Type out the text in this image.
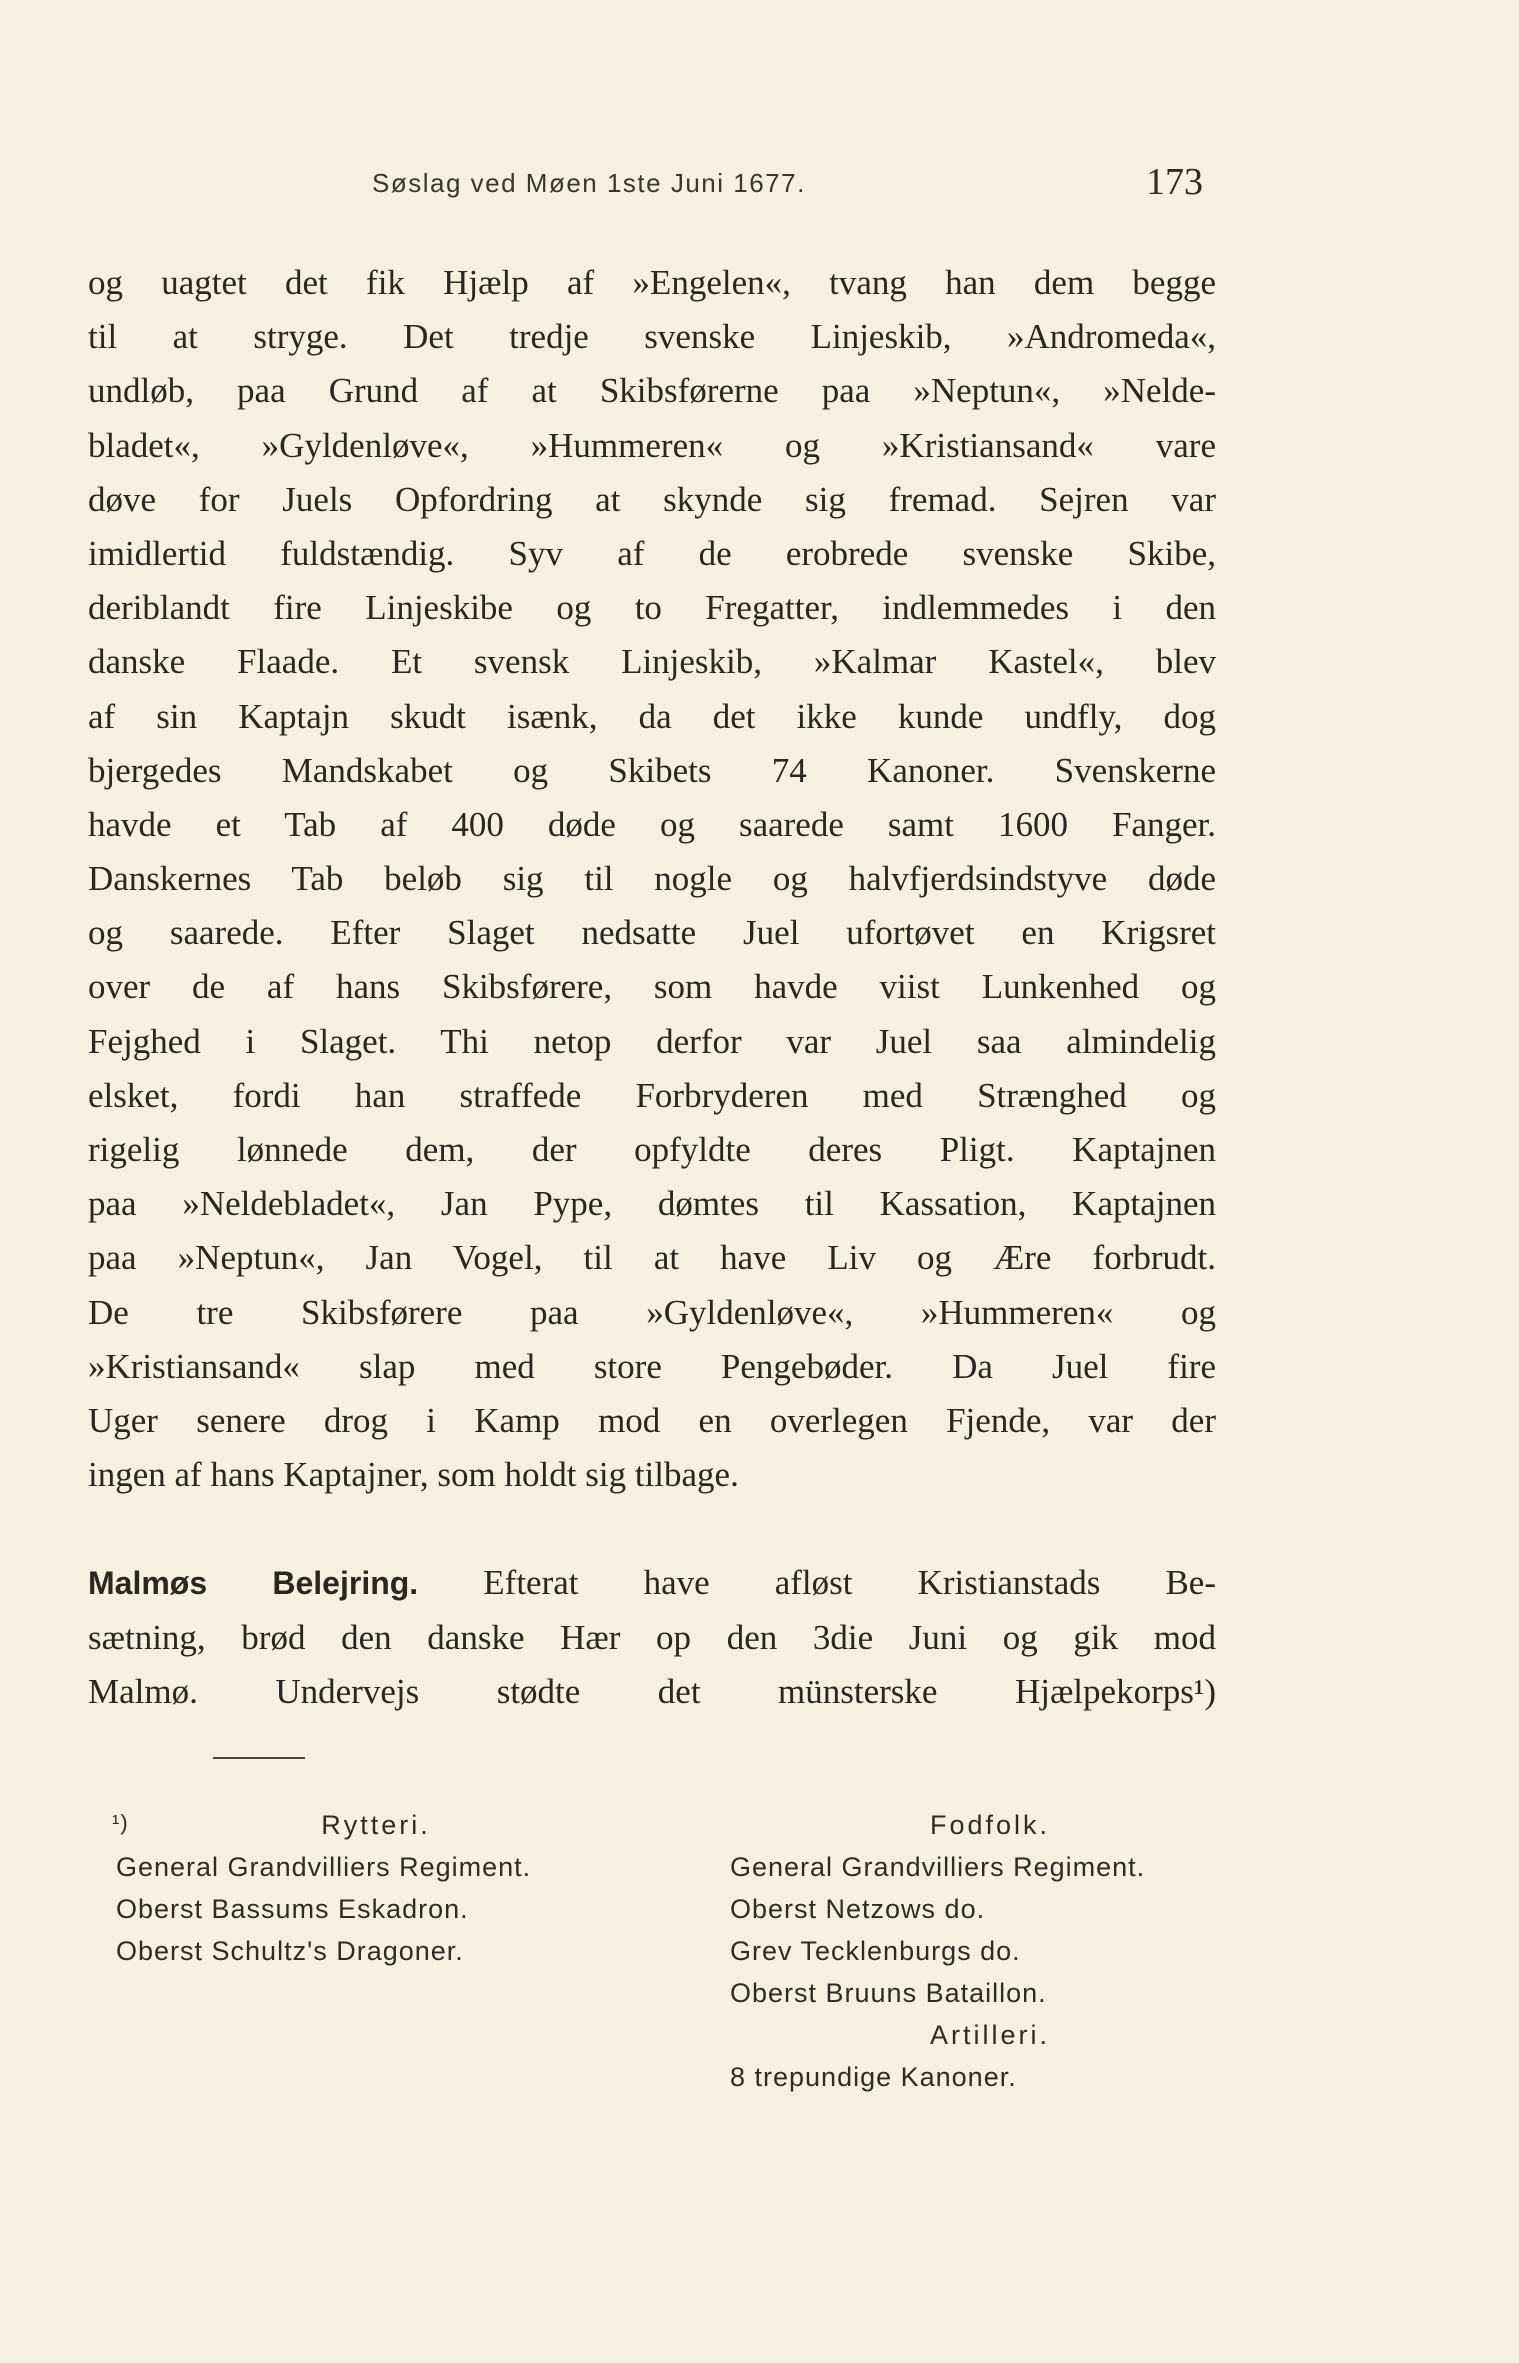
Søslag ved Møen 1ste Juni 1677.	173
og uagtet det fik Hjælp af »Engelen«, tvang han dem begge
til at stryge. Det tredje svenske Linjeskib, »Andromeda«,
undløb, paa Grund af at Skibsførerne paa »Neptun«, »Nelde-
bladet«, »Gyldenløve«, »Hummeren« og »Kristiansand« vare
døve for Juels Opfordring at skynde sig fremad. Sejren var
imidlertid fuldstændig. Syv af de erobrede svenske Skibe,
deriblandt fire Linjeskibe og to Fregatter, indlemmedes i den
danske Flaade. Et svensk Linjeskib, »Kalmar Kastel«, blev
af sin Kaptajn skudt isænk, da det ikke kunde undfly, dog
bjergedes Mandskabet og Skibets 74 Kanoner. Svenskerne
havde et Tab af 400 døde og saarede samt 1600 Fanger.
Danskernes Tab beløb sig til nogle og halvfjerdsindstyve døde
og saarede. Efter Slaget nedsatte Juel ufortøvet en Krigsret
over de af hans Skibsførere, som havde viist Lunkenhed og
Fejghed i Slaget. Thi netop derfor var Juel saa almindelig
elsket, fordi han straffede Forbryderen med Strænghed og
rigelig lønnede dem, der opfyldte deres Pligt. Kaptajnen
paa »Neldebladet«, Jan Pype, dømtes til Kassation, Kaptajnen
paa »Neptun«, Jan Vogel, til at have Liv og Ære forbrudt.
De tre Skibsførere paa »Gyldenløve«, »Hummeren« og
»Kristiansand« slap med store Pengebøder. Da Juel fire
Uger senere drog i Kamp mod en overlegen Fjende, var der
ingen af hans Kaptajner, som holdt sig tilbage.
Malmøs Belejring. Efterat have afløst Kristianstads Be-
sætning, brød den danske Hær op den 3die Juni og gik mod
Malmø. Undervejs stødte det münsterske Hjælpekorps¹)
¹)	Rytteri.
General Grandvilliers Regiment.
Oberst Bassums Eskadron.
Oberst Schultz's Dragoner.
Fodfolk.
General Grandvilliers Regiment.
Oberst Netzows do.
Grev Tecklenburgs do.
Oberst Bruuns Bataillon.
Artilleri.
8 trepundige Kanoner.
